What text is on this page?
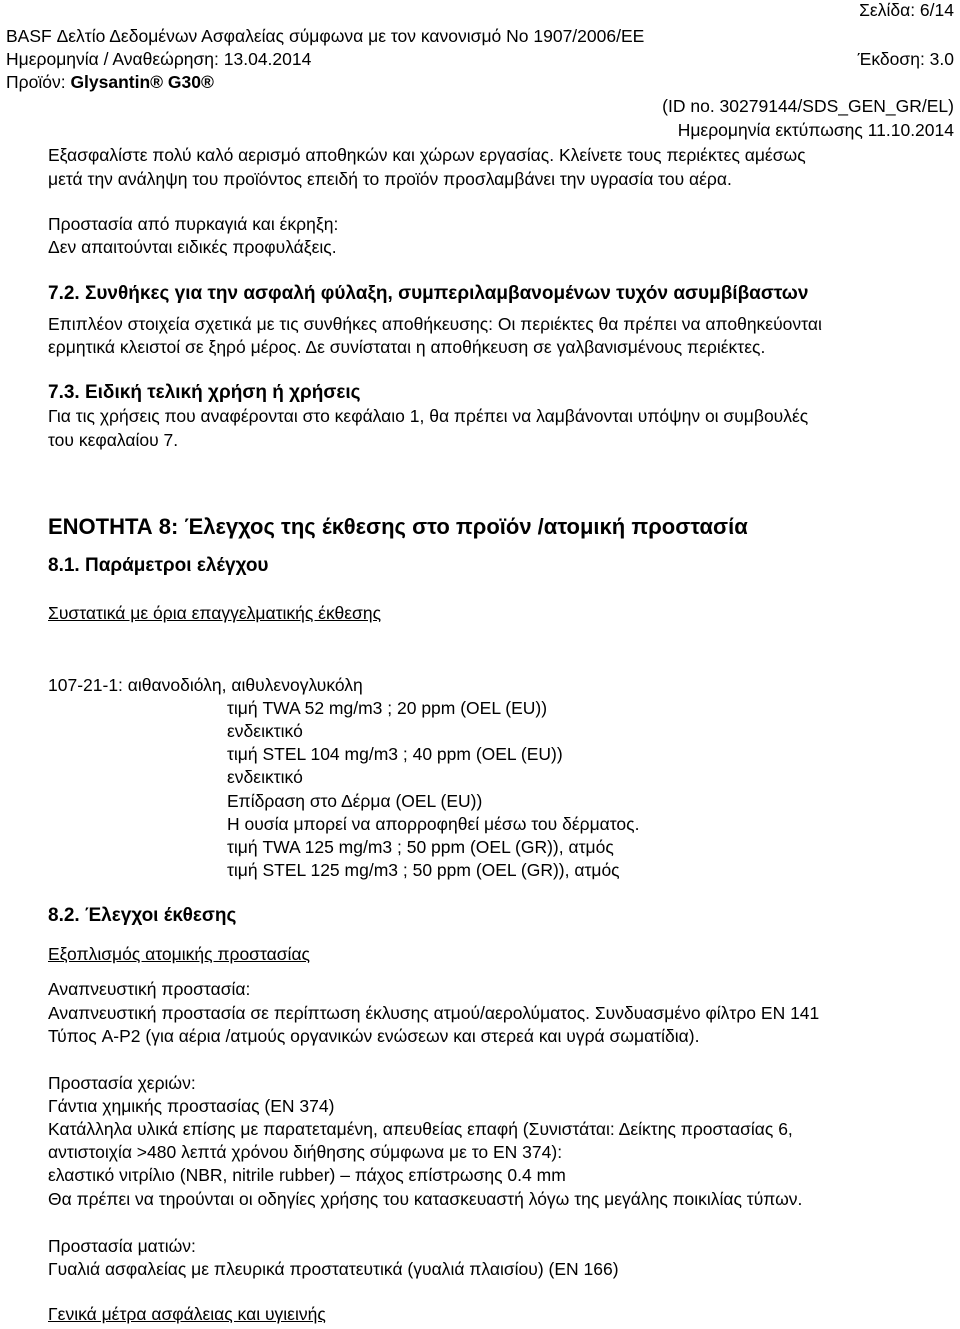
Σελίδα: 6/14
BASF Δελτίο Δεδομένων Ασφαλείας σύμφωνα με τον κανονισμό Νο 1907/2006/ΕΕ
Ημερομηνία / Αναθεώρηση: 13.04.2014	Έκδοση: 3.0
Προϊόν: Glysantin® G30®
(ID no. 30279144/SDS_GEN_GR/EL)
Ημερομηνία εκτύπωσης 11.10.2014
Εξασφαλίστε πολύ καλό αερισμό αποθηκών και χώρων εργασίας. Κλείνετε τους περιέκτες αμέσως
μετά την ανάληψη του προϊόντος επειδή το προϊόν προσλαμβάνει την υγρασία του αέρα.
Προστασία από πυρκαγιά και έκρηξη:
Δεν απαιτούνται ειδικές προφυλάξεις.
7.2. Συνθήκες για την ασφαλή φύλαξη, συμπεριλαμβανομένων τυχόν ασυμβίβαστων
Επιπλέον στοιχεία σχετικά με τις συνθήκες αποθήκευσης: Οι περιέκτες θα πρέπει να αποθηκεύονται
ερμητικά κλειστοί σε ξηρό μέρος. Δε συνίσταται η αποθήκευση σε γαλβανισμένους περιέκτες.
7.3. Ειδική τελική χρήση ή χρήσεις
Για τις χρήσεις που αναφέρονται στο κεφάλαιο 1, θα πρέπει να λαμβάνονται υπόψην οι συμβουλές
του κεφαλαίου 7.
ΕΝΟΤΗΤΑ 8: Έλεγχος της έκθεσης στο προϊόν /ατομική προστασία
8.1. Παράμετροι ελέγχου
Συστατικά με όρια επαγγελματικής έκθεσης
107-21-1: αιθανοδιόλη, αιθυλενογλυκόλη
τιμή TWA 52 mg/m3 ; 20 ppm (OEL (EU))
ενδεικτικό
τιμή STEL 104 mg/m3 ; 40 ppm (OEL (EU))
ενδεικτικό
Επίδραση στο Δέρμα (OEL (EU))
Η ουσία μπορεί να απορροφηθεί μέσω του δέρματος.
τιμή TWA 125 mg/m3 ; 50 ppm (OEL (GR)), ατμός
τιμή STEL 125 mg/m3 ; 50 ppm (OEL (GR)), ατμός
8.2. Έλεγχοι έκθεσης
Εξοπλισμός ατομικής προστασίας
Αναπνευστική προστασία:
Αναπνευστική προστασία σε περίπτωση έκλυσης ατμού/αερολύματος. Συνδυασμένο φίλτρο EN 141
Τύπος A-P2 (για αέρια /ατμούς οργανικών ενώσεων και στερεά και υγρά σωματίδια).
Προστασία χεριών:
Γάντια χημικής προστασίας (EN 374)
Κατάλληλα υλικά επίσης με παρατεταμένη, απευθείας επαφή (Συνιστάται: Δείκτης προστασίας 6,
αντιστοιχία >480 λεπτά χρόνου διήθησης σύμφωνα με το EN 374):
ελαστικό νιτρίλιο (NBR, nitrile rubber) – πάχος επίστρωσης 0.4 mm
Θα πρέπει να τηρούνται οι οδηγίες χρήσης του κατασκευαστή λόγω της μεγάλης ποικιλίας τύπων.
Προστασία ματιών:
Γυαλιά ασφαλείας με πλευρικά προστατευτικά (γυαλιά πλαισίου) (EN 166)
Γενικά μέτρα ασφάλειας και υγιεινής
